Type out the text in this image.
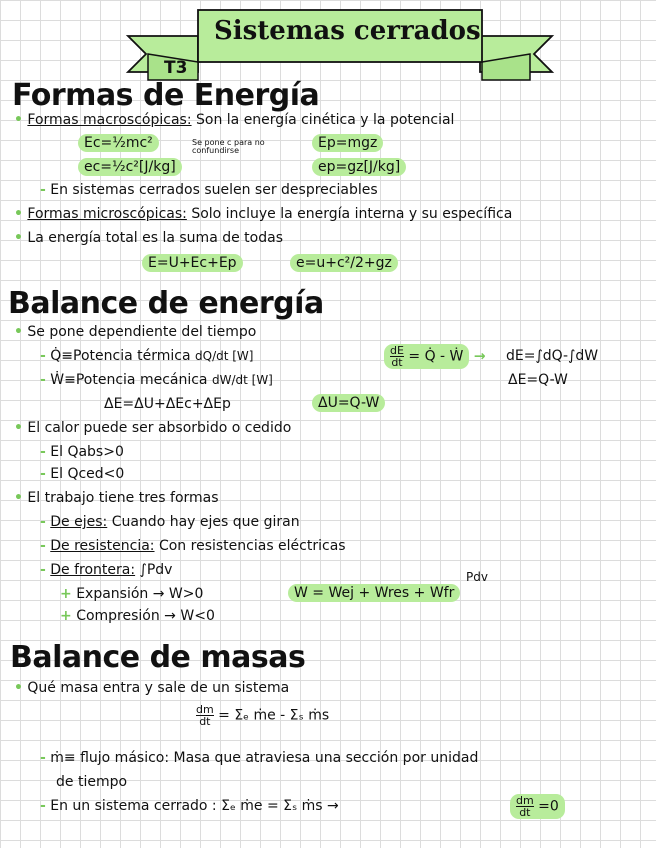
Sistemas cerrados
T3
Formas de Energía
• Formas macroscópicas: Son la energía cinética y la potencial
Ec=½mc²	Se pone c para no confundirse	Ep=mgz
ec=½c²[J/kg]	ep=gz[J/kg]
- En sistemas cerrados suelen ser despreciables
• Formas microscópicas: Solo incluye la energía interna y su específica
• La energía total es la suma de todas
E=U+Ec+Ep	e=u+c²/2+gz
Balance de energía
• Se pone dependiente del tiempo
- Q̇≡Potencia térmica dQ/dt [W]	$\frac{dE}{dt}$ = Q̇ - Ẇ → dE=∫dQ-∫dW
ΔE=Q-W
- Ẇ≡Potencia mecánica dW/dt [W]
ΔE=ΔU+ΔEc+ΔEp	ΔU=Q-W
• El calor puede ser absorbido o cedido
- El Qabs>0
- El Qced<0
• El trabajo tiene tres formas
- De ejes: Cuando hay ejes que giran
- De resistencia: Con resistencias eléctricas
- De frontera: ∫Pdv
+ Expansión → W>0
+ Compresión → W<0
W = Wej + Wres + Wfr
Pdv
Balance de masas
• Qué masa entra y sale de un sistema
$\frac{dm}{dt} = \Sigma_e$ ṁe - Σₛ ṁs
- ṁ≡ flujo másico: Masa que atraviesa una sección por unidad
de tiempo
- En un sistema cerrado : Σₑ ṁe = Σₛ ṁs →	$\frac{dm}{dt} =0$
